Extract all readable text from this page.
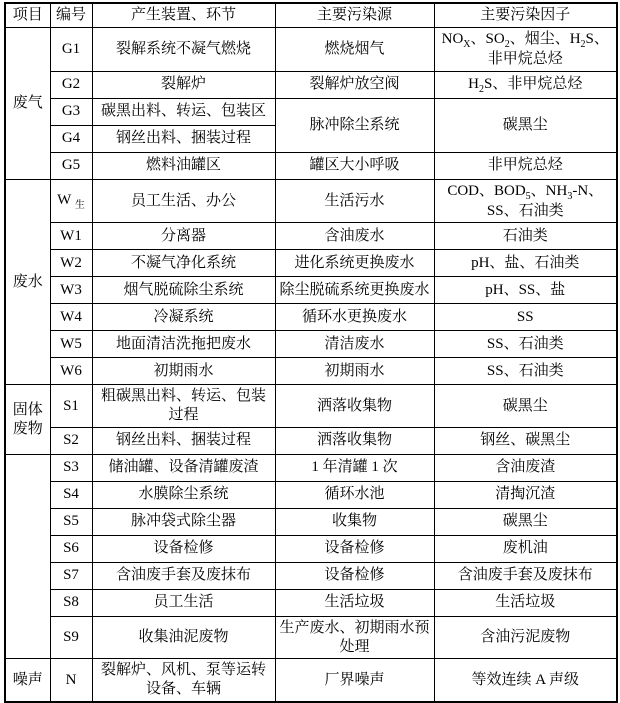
项目	编号	产生装置、环节	主要污染源	主要污染因子
废气	G1	裂解系统不凝气燃烧	燃烧烟气	$NO_X$、$SO_2$、烟尘、$H_2S$、非甲烷总烃
	G2	裂解炉	裂解炉放空阀	$H_2S$、非甲烷总烃
	G3	碳黑出料、转运、包装区	脉冲除尘系统	碳黑尘
	G4	钢丝出料、捆装过程		
	G5	燃料油罐区	罐区大小呼吸	非甲烷总烃
废水	W $_生$	员工生活、办公	生活污水	COD、$BOD_5$、$NH_3-N$、SS、石油类
	W1	分离器	含油废水	石油类
	W2	不凝气净化系统	进化系统更换废水	pH、盐、石油类
	W3	烟气脱硫除尘系统	除尘脱硫系统更换废水	pH、SS、盐
	W4	冷凝系统	循环水更换废水	SS
	W5	地面清洁洗拖把废水	清洁废水	SS、石油类
	W6	初期雨水	初期雨水	SS、石油类
固体废物	S1	粗碳黑出料、转运、包装过程	洒落收集物	碳黑尘
	S2	钢丝出料、捆装过程	洒落收集物	钢丝、碳黑尘
	S3	储油罐、设备清罐废渣	1 年清罐 1 次	含油废渣
	S4	水膜除尘系统	循环水池	清掏沉渣
	S5	脉冲袋式除尘器	收集物	碳黑尘
	S6	设备检修	设备检修	废机油
	S7	含油废手套及废抹布	设备检修	含油废手套及废抹布
	S8	员工生活	生活垃圾	生活垃圾
	S9	收集油泥废物	生产废水、初期雨水预处理	含油污泥废物
噪声	N	裂解炉、风机、泵等运转设备、车辆	厂界噪声	等效连续 A 声级
